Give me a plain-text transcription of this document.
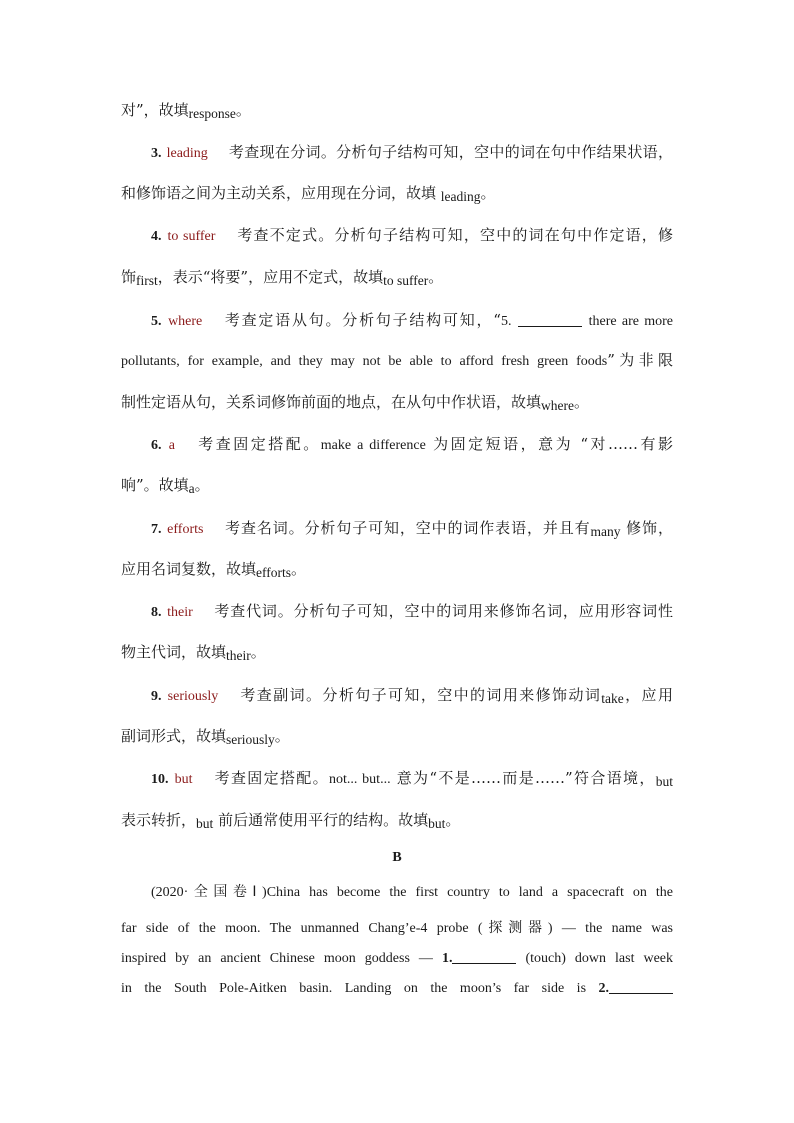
对”，故填response。
3. leading 考查现在分词。分析句子结构可知，空中的词在句中作结果状语，
和修饰语之间为主动关系，应用现在分词，故填 leading。
4. to suffer 考查不定式。分析句子结构可知，空中的词在句中作定语，修
饰first，表示“将要”，应用不定式，故填to suffer。
5. where 考查定语从句。分析句子结构可知，“5.	there are more
pollutants, for example, and they may not be able to afford fresh green foods”为非限
制性定语从句，关系词修饰前面的地点，在从句中作状语，故填where。
6. a 考查固定搭配。make a difference 为固定短语，意为 “对……有影
响”。故填a。
7. efforts 考查名词。分析句子可知，空中的词作表语，并且有many 修饰，
应用名词复数，故填efforts。
8. their 考查代词。分析句子可知，空中的词用来修饰名词，应用形容词性
物主代词，故填their。
9. seriously 考查副词。分析句子可知，空中的词用来修饰动词take，应用
副词形式，故填seriously。
10. but 考查固定搭配。not... but... 意为“不是……而是……”符合语境，but
表示转折，but 前后通常使用平行的结构。故填but。
B
(2020·全国卷Ⅰ)China has become the first country to land a spacecraft on the
far side of the moon. The unmanned Chang’e-4 probe (探测器) — the name was
inspired by an ancient Chinese moon goddess — 1.	(touch) down last week
in the South Pole-Aitken basin. Landing on the moon’s far side is 2.
